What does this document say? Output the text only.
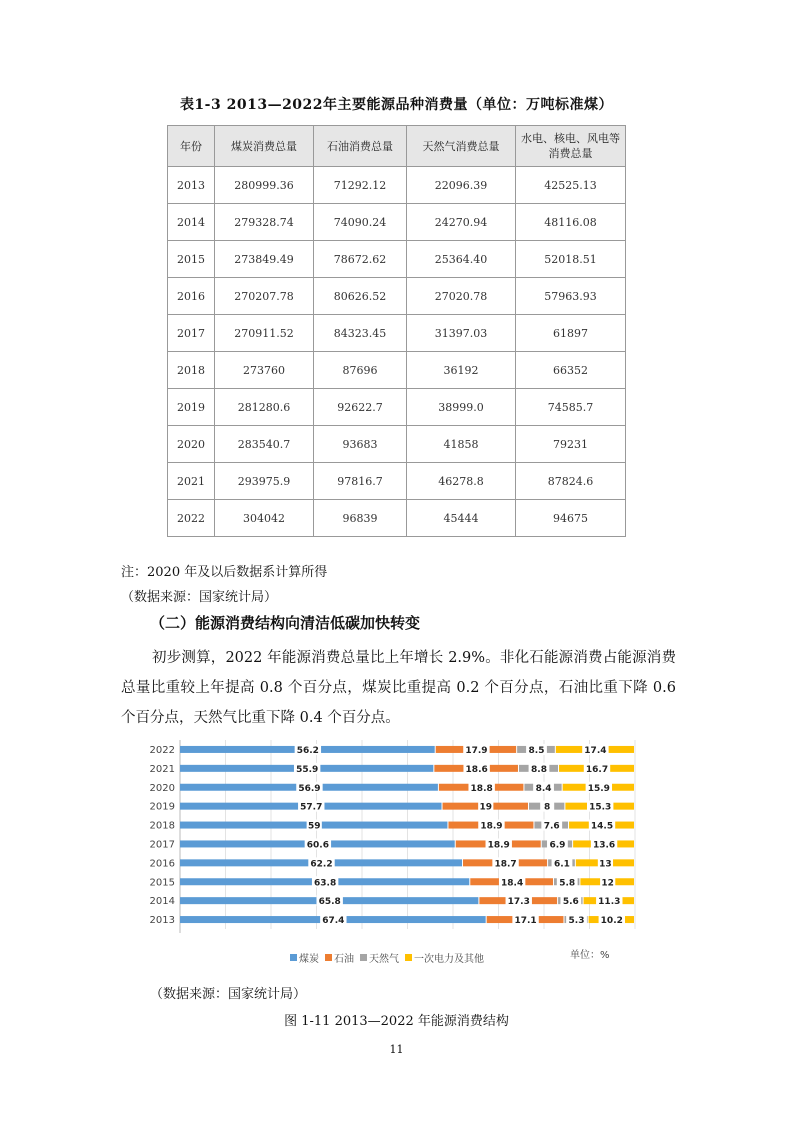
表1-3 2013—2022年主要能源品种消费量（单位：万吨标准煤）
年份	煤炭消费总量	石油消费总量	天然气消费总量	水电、核电、风电等消费总量
2013	280999.36	71292.12	22096.39	42525.13
2014	279328.74	74090.24	24270.94	48116.08
2015	273849.49	78672.62	25364.40	52018.51
2016	270207.78	80626.52	27020.78	57963.93
2017	270911.52	84323.45	31397.03	61897
2018	273760	87696	36192	66352
2019	281280.6	92622.7	38999.0	74585.7
2020	283540.7	93683	41858	79231
2021	293975.9	97816.7	46278.8	87824.6
2022	304042	96839	45444	94675
注：2020 年及以后数据系计算所得
（数据来源：国家统计局）
（二）能源消费结构向清洁低碳加快转变
初步测算，2022 年能源消费总量比上年增长 2.9%。非化石能源消费占能源消费总量比重较上年提高 0.8 个百分点，煤炭比重提高 0.2 个百分点，石油比重下降 0.6 个百分点，天然气比重下降 0.4 个百分点。
2022	56.2	17.9	8.5	17.4
2021	55.9	18.6	8.8	16.7
2020	56.9	18.8	8.4	15.9
2019	57.7	19	8	15.3
2018	59	18.9	7.6	14.5
2017	60.6	18.9	6.9	13.6
2016	62.2	18.7	6.1	13
2015	63.8	18.4	5.8	12
2014	65.8	17.3	5.6 11.3
2013	67.4	17.1	5.3 10.2
煤炭 石油 天然气 一次电力及其他	单位：%
（数据来源：国家统计局）
图 1-11 2013—2022 年能源消费结构
11
